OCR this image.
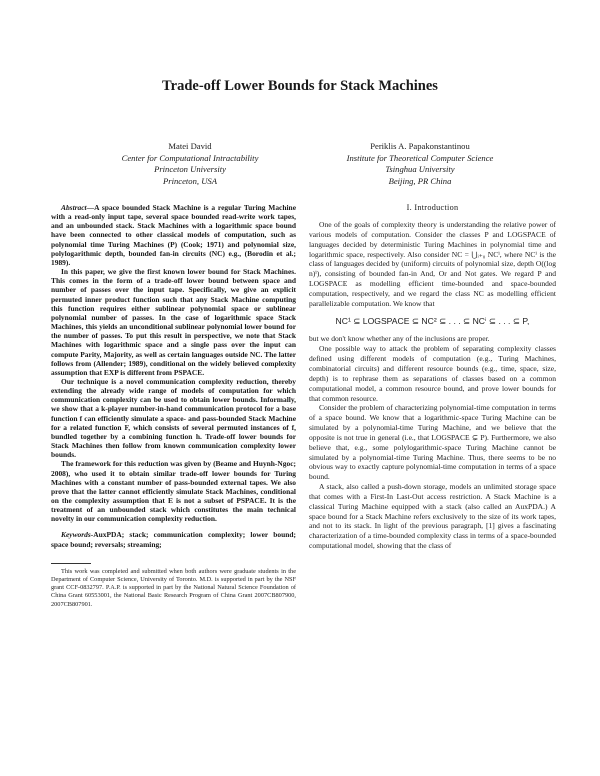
Trade-off Lower Bounds for Stack Machines
Matei David
Center for Computational Intractability
Princeton University
Princeton, USA
Periklis A. Papakonstantinou
Institute for Theoretical Computer Science
Tsinghua University
Beijing, PR China

Abstract—A space bounded Stack Machine is a regular Turing Machine with a read-only input tape, several space bounded read-write work tapes, and an unbounded stack. Stack Machines with a logarithmic space bound have been connected to other classical models of computation, such as polynomial time Turing Machines (P) (Cook; 1971) and polynomial size, polylogarithmic depth, bounded fan-in circuits (NC) e.g., (Borodin et al.; 1989).

In this paper, we give the first known lower bound for Stack Machines. This comes in the form of a trade-off lower bound between space and number of passes over the input tape. Specifically, we give an explicit permuted inner product function such that any Stack Machine computing this function requires either sublinear polynomial space or sublinear polynomial number of passes. In the case of logarithmic space Stack Machines, this yields an unconditional sublinear polynomial lower bound for the number of passes. To put this result in perspective, we note that Stack Machines with logarithmic space and a single pass over the input can compute Parity, Majority, as well as certain languages outside NC. The latter follows from (Allender; 1989), conditional on the widely believed complexity assumption that EXP is different from PSPACE.

Our technique is a novel communication complexity reduction, thereby extending the already wide range of models of computation for which communication complexity can be used to obtain lower bounds. Informally, we show that a k-player number-in-hand communication protocol for a base function f can efficiently simulate a space- and pass-bounded Stack Machine for a related function F, which consists of several permuted instances of f, bundled together by a combining function h. Trade-off lower bounds for Stack Machines then follow from known communication complexity lower bounds.

The framework for this reduction was given by (Beame and Huynh-Ngoc; 2008), who used it to obtain similar trade-off lower bounds for Turing Machines with a constant number of pass-bounded external tapes. We also prove that the latter cannot efficiently simulate Stack Machines, conditional on the complexity assumption that E is not a subset of PSPACE. It is the treatment of an unbounded stack which constitutes the main technical novelty in our communication complexity reduction.

Keywords-AuxPDA; stack; communication complexity; lower bound; space bound; reversals; streaming;
This work was completed and submitted when both authors were graduate students in the Department of Computer Science, University of Toronto. M.D. is supported in part by the NSF grant CCF-0832797. P.A.P. is supported in part by the National Natural Science Foundation of China Grant 60553001, the National Basic Research Program of China Grant 2007CB807900, 2007CB807901.
I. Introduction

One of the goals of complexity theory is understanding the relative power of various models of computation. Consider the classes P and LOGSPACE of languages decided by deterministic Turing Machines in polynomial time and logarithmic space, respectively. Also consider NC = ⋃ᵢ₊₀ NCⁱ, where NCⁱ is the class of languages decided by (uniform) circuits of polynomial size, depth O((log n)ⁱ), consisting of bounded fan-in And, Or and Not gates. We regard P and LOGSPACE as modelling efficient time-bounded and space-bounded computation, respectively, and we regard the class NC as modelling efficient parallelizable computation. We know that

NC¹ ⊆ LOGSPACE ⊆ NC² ⊆ . . . ⊆ NCⁱ ⊆ . . . ⊆ P,

but we don't know whether any of the inclusions are proper.

One possible way to attack the problem of separating complexity classes defined using different models of computation (e.g., Turing Machines, combinatorial circuits) and different resource bounds (e.g., time, space, size, depth) is to rephrase them as separations of classes based on a common computational model, a common resource bound, and prove lower bounds for that common resource.

Consider the problem of characterizing polynomial-time computation in terms of a space bound. We know that a logarithmic-space Turing Machine can be simulated by a polynomial-time Turing Machine, and we believe that the opposite is not true in general (i.e., that LOGSPACE ⊊ P). Furthermore, we also believe that, e.g., some polylogarithmic-space Turing Machine cannot be simulated by a polynomial-time Turing Machine. Thus, there seems to be no obvious way to exactly capture polynomial-time computation in terms of a space bound.

A stack, also called a push-down storage, models an unlimited storage space that comes with a First-In Last-Out access restriction. A Stack Machine is a classical Turing Machine equipped with a stack (also called an AuxPDA.) A space bound for a Stack Machine refers exclusively to the size of its work tapes, and not to its stack. In light of the previous paragraph, [1] gives a fascinating characterization of a time-bounded complexity class in terms of a space-bounded computational model, showing that the class of
